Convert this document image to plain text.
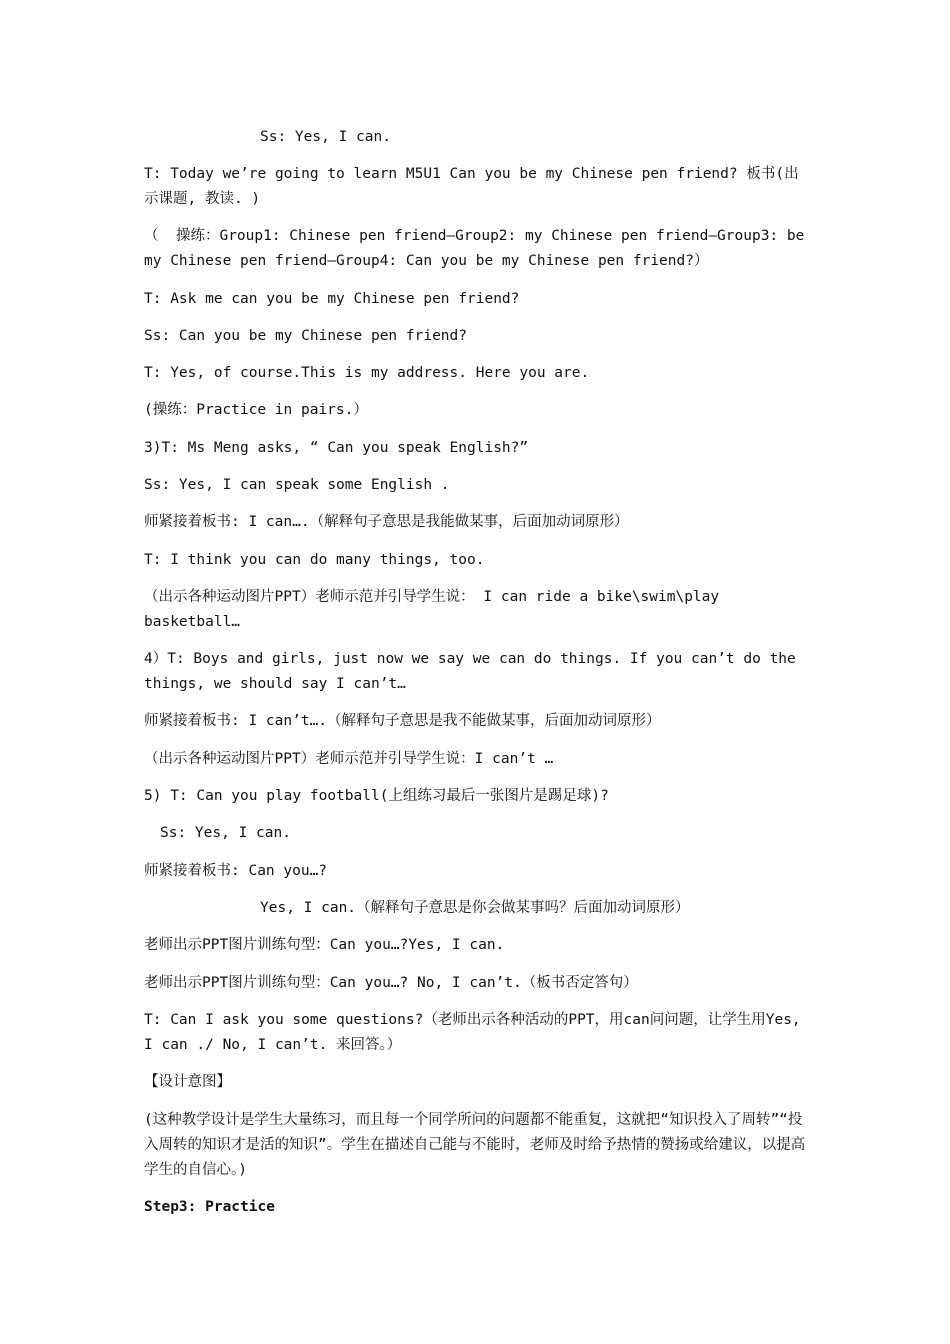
Ss: Yes, I can.

T: Today we’re going to learn M5U1 Can you be my Chinese pen friend? 板书(出示课题, 教读. )

（  操练：Group1: Chinese pen friend—Group2: my Chinese pen friend—Group3: be my Chinese pen friend—Group4: Can you be my Chinese pen friend?）

T: Ask me can you be my Chinese pen friend?

Ss: Can you be my Chinese pen friend?

T: Yes, of course.This is my address. Here you are.

(操练：Practice in pairs.）

3)T: Ms Meng asks, “ Can you speak English?”

Ss: Yes, I can speak some English .

师紧接着板书: I can….（解释句子意思是我能做某事，后面加动词原形）

T: I think you can do many things, too.

（出示各种运动图片PPT）老师示范并引导学生说： I can ride a bike\swim\play basketball…

4）T: Boys and girls, just now we say we can do things. If you can’t do the things, we should say I can’t…

师紧接着板书: I can’t….（解释句子意思是我不能做某事，后面加动词原形）

（出示各种运动图片PPT）老师示范并引导学生说：I can’t …

5) T: Can you play football(上组练习最后一张图片是踢足球)?

Ss: Yes, I can.

师紧接着板书: Can you…?

Yes, I can.（解释句子意思是你会做某事吗？后面加动词原形）

老师出示PPT图片训练句型：Can you…?Yes, I can.

老师出示PPT图片训练句型：Can you…? No, I can’t.（板书否定答句）

T: Can I ask you some questions?（老师出示各种活动的PPT，用can问问题，让学生用Yes, I can ./ No, I can’t. 来回答。）

【设计意图】

(这种教学设计是学生大量练习，而且每一个同学所问的问题都不能重复，这就把“知识投入了周转”“投入周转的知识才是活的知识”。学生在描述自己能与不能时，老师及时给予热情的赞扬或给建议，以提高学生的自信心。)

Step3: Practice
